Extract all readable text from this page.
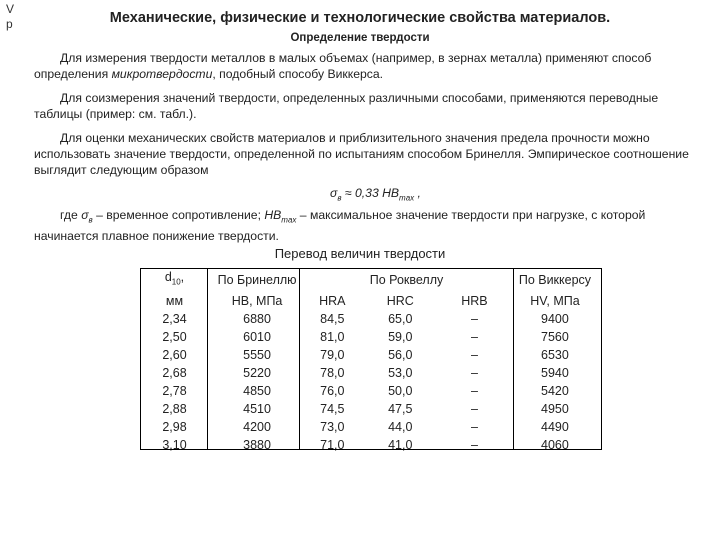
V
p	Механические, физические и технологические свойства материалов.
Определение твердости

Для измерения твердости металлов в малых объемах (например, в зернах металла) применяют способ определения микротвердости, подобный способу Виккерса.

Для соизмерения значений твердости, определенных различными способами, применяются переводные таблицы (пример: см. табл.).

Для оценки механических свойств материалов и приблизительного значения предела прочности можно использовать значение твердости, определенной по испытаниям способом Бринелля. Эмпирическое соотношение выглядит следующим образом

$\sigma_в \approx 0,33$ $HB_{max}$ ,

где $\sigma_в$ – временное сопротивление; $HB_{max}$ – максимальное значение твердости при нагрузке, с которой начинается плавное понижение твердости.

Перевод величин твердости
$d_{10}$,	По Бринеллю	По Роквеллу			По Виккерсу
мм	HB, МПа	HRA	HRC	HRB	HV, МПа
2,34	6880	84,5	65,0	–	9400
2,50	6010	81,0	59,0	–	7560
2,60	5550	79,0	56,0	–	6530
2,68	5220	78,0	53,0	–	5940
2,78	4850	76,0	50,0	–	5420
2,88	4510	74,5	47,5	–	4950
2,98	4200	73,0	44,0	–	4490
3,10	3880	71,0	41,0	–	4060
